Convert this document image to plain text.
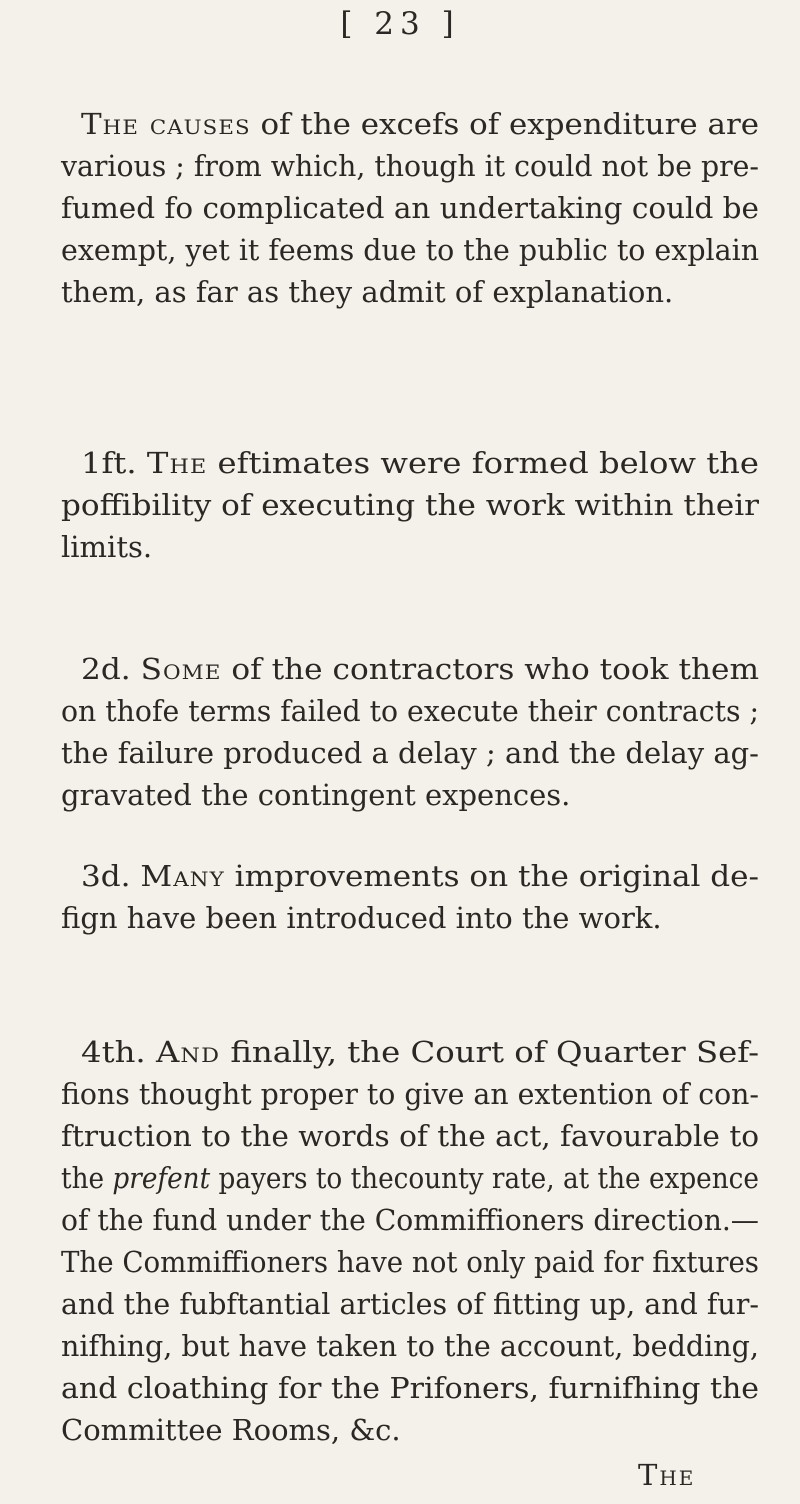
[ 23 ]
The causes of the excefs of expenditure are
various ; from which, though it could not be pre-
fumed fo complicated an undertaking could be
exempt, yet it feems due to the public to explain
them, as far as they admit of explanation.
1ft. The eftimates were formed below the
poffibility of executing the work within their
limits.
2d. Some of the contractors who took them
on thofe terms failed to execute their contracts ;
the failure produced a delay ; and the delay ag-
gravated the contingent expences.
3d. Many improvements on the original de-
fign have been introduced into the work.
4th. And finally, the Court of Quarter Sef-
fions thought proper to give an extention of con-
ftruction to the words of the act, favourable to
the prefent payers to thecounty rate, at the expence
of the fund under the Commiffioners direction.—
The Commiffioners have not only paid for fixtures
and the fubftantial articles of fitting up, and fur-
nifhing, but have taken to the account, bedding,
and cloathing for the Prifoners, furnifhing the
Committee Rooms, &c.
The
